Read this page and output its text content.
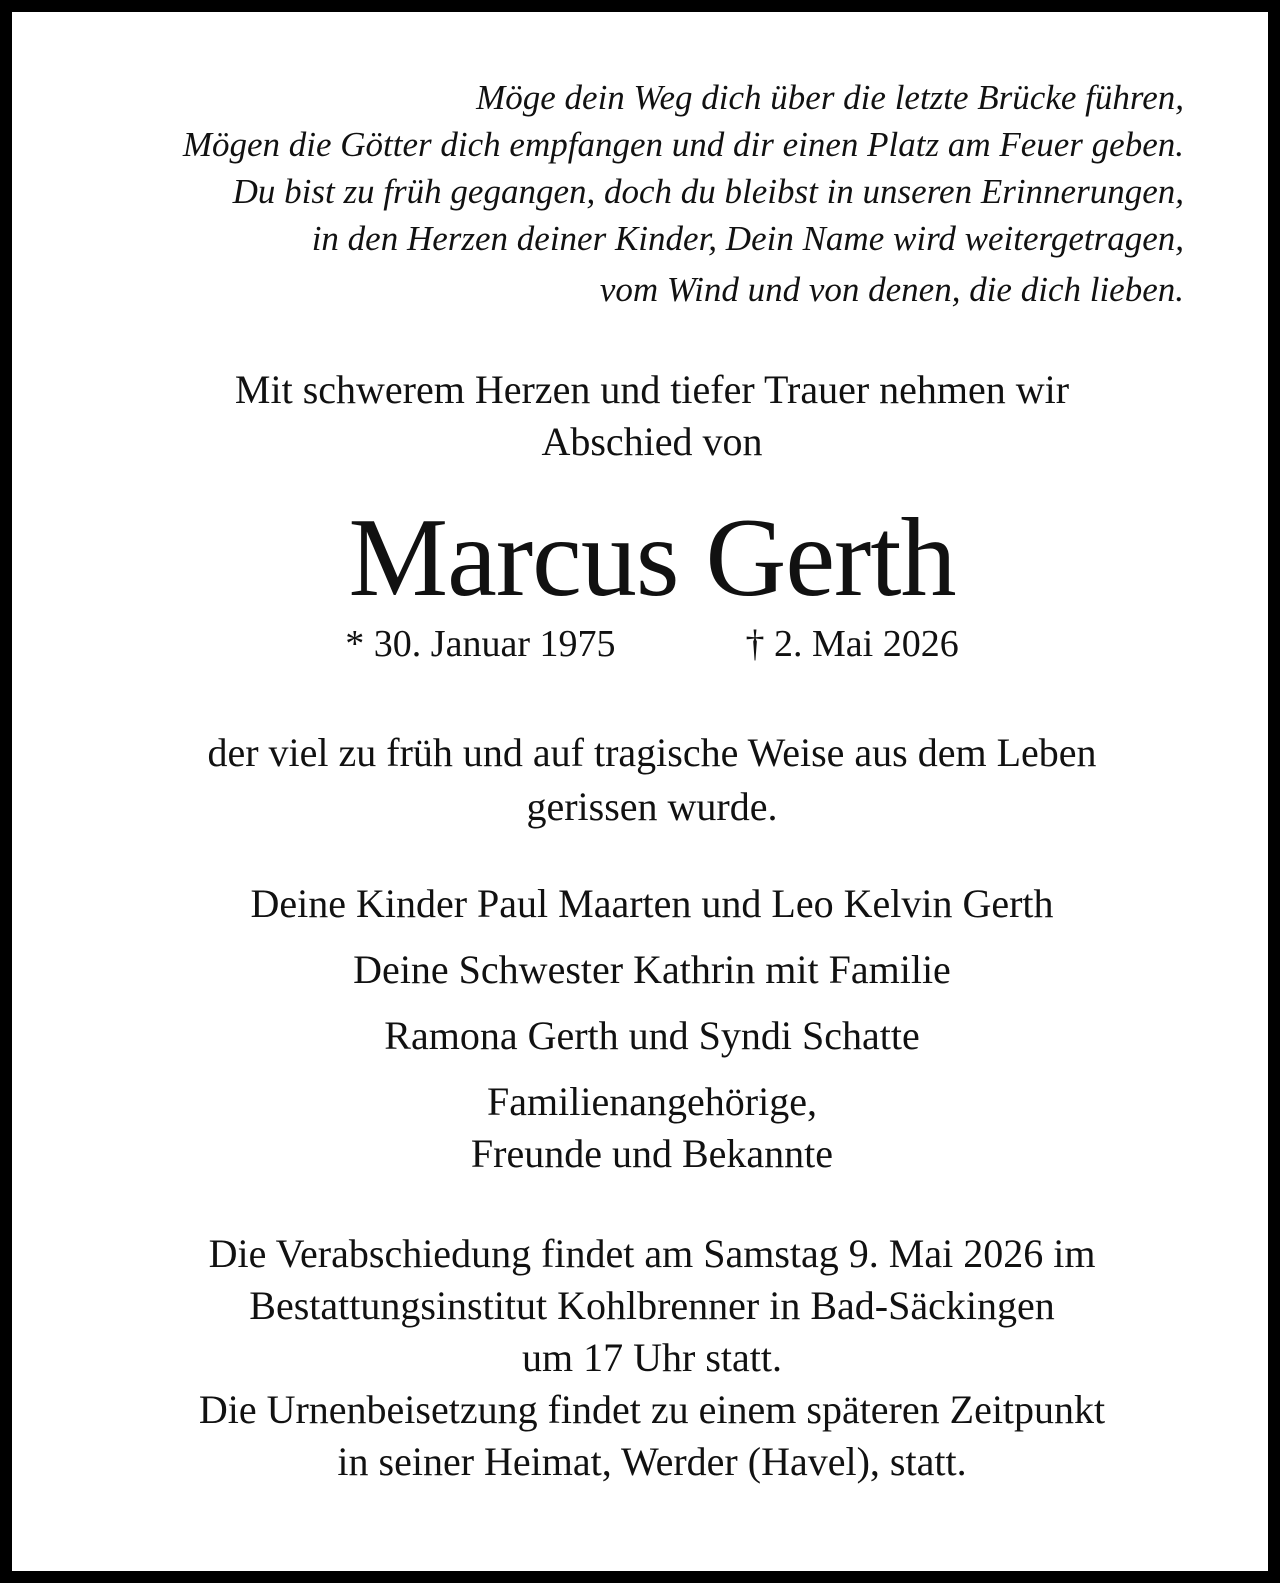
Möge dein Weg dich über die letzte Brücke führen,
Mögen die Götter dich empfangen und dir einen Platz am Feuer geben.
Du bist zu früh gegangen, doch du bleibst in unseren Erinnerungen,
in den Herzen deiner Kinder, Dein Name wird weitergetragen,
vom Wind und von denen, die dich lieben.
Mit schwerem Herzen und tiefer Trauer nehmen wir
Abschied von
Marcus Gerth
* 30. Januar 1975	† 2. Mai 2026
der viel zu früh und auf tragische Weise aus dem Leben
gerissen wurde.
Deine Kinder Paul Maarten und Leo Kelvin Gerth
Deine Schwester Kathrin mit Familie
Ramona Gerth und Syndi Schatte
Familienangehörige,
Freunde und Bekannte
Die Verabschiedung findet am Samstag 9. Mai 2026 im
Bestattungsinstitut Kohlbrenner in Bad-Säckingen
um 17 Uhr statt.
Die Urnenbeisetzung findet zu einem späteren Zeitpunkt
in seiner Heimat, Werder (Havel), statt.
